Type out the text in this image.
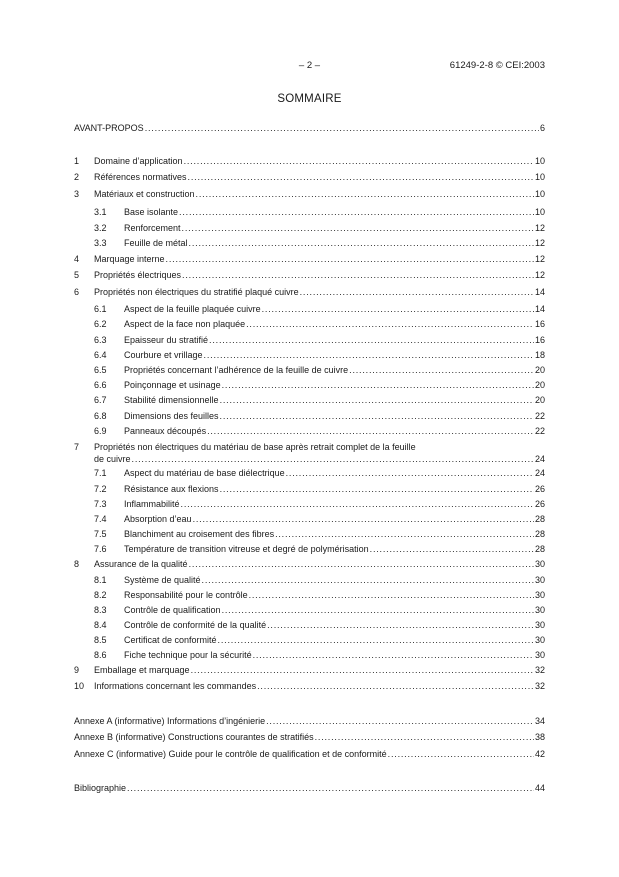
– 2 –	61249-2-8 © CEI:2003
SOMMAIRE
AVANT-PROPOS .....	6
1 Domaine d’application .....	10
2 Références normatives .....	10
3 Matériaux et construction .....	10
3.1 Base isolante .....	10
3.2 Renforcement .....	12
3.3 Feuille de métal .....	12
4 Marquage interne .....	12
5 Propriétés électriques .....	12
6 Propriétés non électriques du stratifié plaqué cuivre .....	14
6.1 Aspect de la feuille plaquée cuivre .....	14
6.2 Aspect de la face non plaquée .....	16
6.3 Epaisseur du stratifié .....	16
6.4 Courbure et vrillage .....	18
6.5 Propriétés concernant l’adhérence de la feuille de cuivre .....	20
6.6 Poinçonnage et usinage .....	20
6.7 Stabilité dimensionnelle .....	20
6.8 Dimensions des feuilles .....	22
6.9 Panneaux découpés .....	22
7 Propriétés non électriques du matériau de base après retrait complet de la feuille
de cuivre .....	24
7.1 Aspect du matériau de base diélectrique .....	24
7.2 Résistance aux flexions .....	26
7.3 Inflammabilité .....	26
7.4 Absorption d’eau .....	28
7.5 Blanchiment au croisement des fibres .....	28
7.6 Température de transition vitreuse et degré de polymérisation .....	28
8 Assurance de la qualité .....	30
8.1 Système de qualité .....	30
8.2 Responsabilité pour le contrôle .....	30
8.3 Contrôle de qualification .....	30
8.4 Contrôle de conformité de la qualité .....	30
8.5 Certificat de conformité .....	30
8.6 Fiche technique pour la sécurité .....	30
9 Emballage et marquage .....	32
10 Informations concernant les commandes .....	32
Annexe A (informative) Informations d’ingénierie .....	34
Annexe B (informative) Constructions courantes de stratifiés .....	38
Annexe C (informative) Guide pour le contrôle de qualification et de conformité .....	42
Bibliographie .....	44
